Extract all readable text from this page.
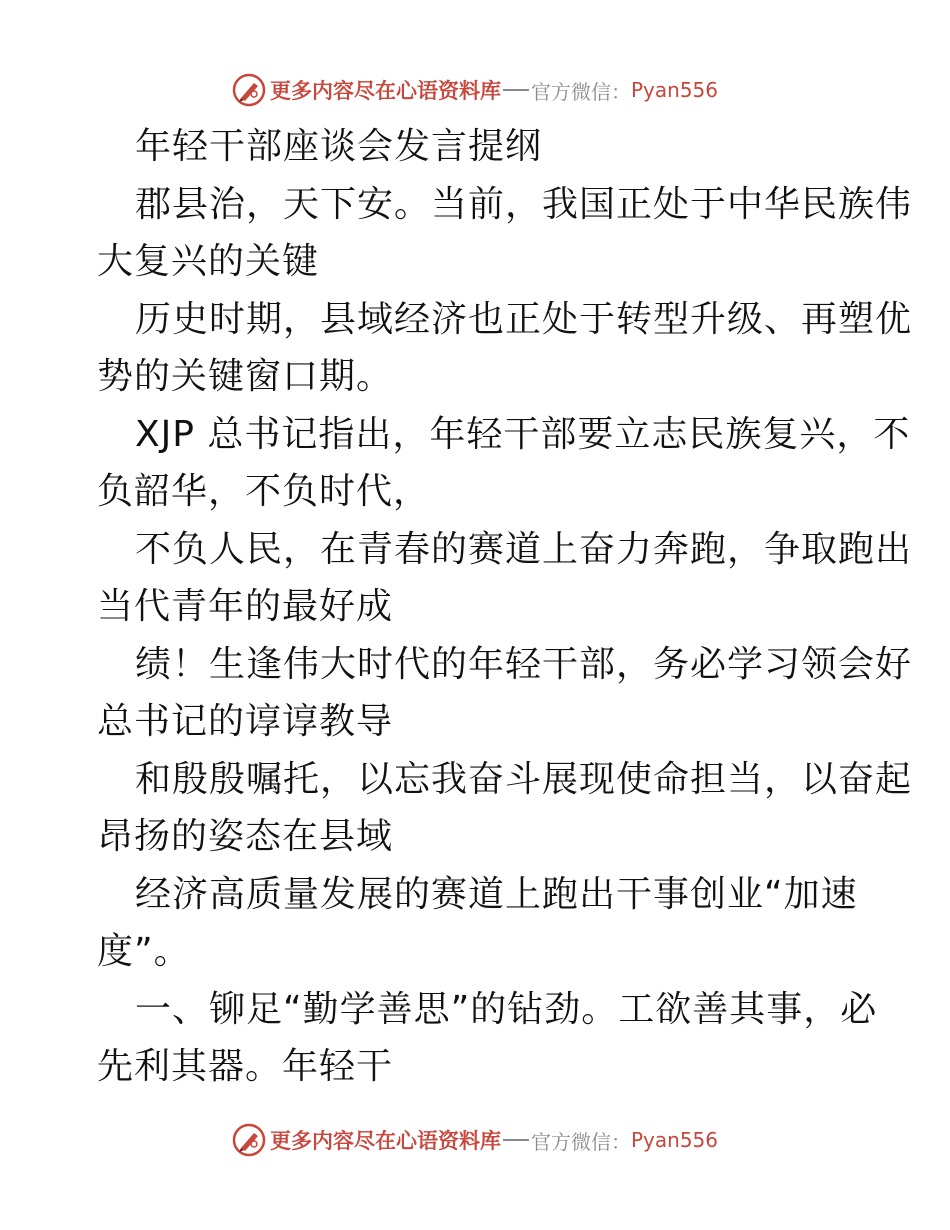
更多内容尽在心语资料库 官方微信： Pyan556
年轻干部座谈会发言提纲
郡县治，天下安。当前，我国正处于中华民族伟
大复兴的关键
历史时期，县域经济也正处于转型升级、再塑优
势的关键窗口期。
XJP 总书记指出，年轻干部要立志民族复兴，不
负韶华，不负时代，
不负人民，在青春的赛道上奋力奔跑，争取跑出
当代青年的最好成
绩！生逢伟大时代的年轻干部，务必学习领会好
总书记的谆谆教导
和殷殷嘱托，以忘我奋斗展现使命担当，以奋起
昂扬的姿态在县域
经济高质量发展的赛道上跑出干事创业“加速
度”。
一、铆足“勤学善思”的钻劲。工欲善其事，必
先利其器。年轻干
更多内容尽在心语资料库 官方微信： Pyan556
